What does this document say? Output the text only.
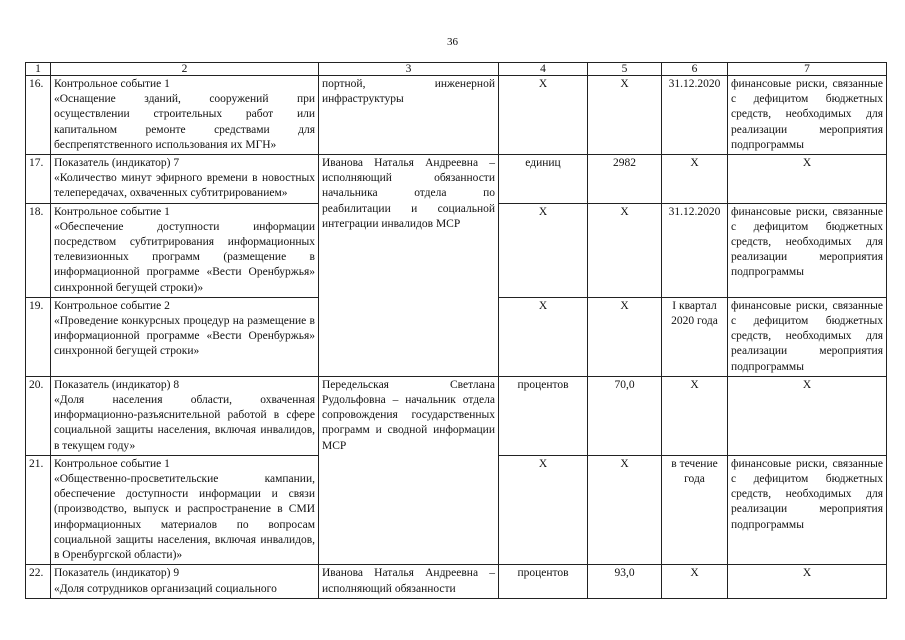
36
1	2	3	4	5	6	7
16.	Контрольное событие 1
«Оснащение зданий, сооружений при осуществлении строительных работ или капитальном ремонте средствами для беспрепятственного использования их МГН»	портной, инженерной инфраструктуры	Х	Х	31.12.2020	финансовые риски, связанные с дефицитом бюджетных средств, необходимых для реализации мероприятия подпрограммы
17.	Показатель (индикатор) 7
«Количество минут эфирного времени в новостных телепередачах, охваченных субтитрированием»	Иванова Наталья Андреевна – исполняющий обязанности начальника отдела по реабилитации и социальной интеграции инвалидов МСР	единиц	2982	Х	Х
18.	Контрольное событие 1
«Обеспечение доступности информации посредством субтитрирования информационных телевизионных программ (размещение в информационной программе «Вести Оренбуржья» синхронной бегущей строки)»		Х	Х	31.12.2020	финансовые риски, связанные с дефицитом бюджетных средств, необходимых для реализации мероприятия подпрограммы
19.	Контрольное событие 2
«Проведение конкурсных процедур на размещение в информационной программе «Вести Оренбуржья» синхронной бегущей строки»		Х	Х	I квартал 2020 года	финансовые риски, связанные с дефицитом бюджетных средств, необходимых для реализации мероприятия подпрограммы
20.	Показатель (индикатор) 8
«Доля населения области, охваченная информационно-разъяснительной работой в сфере социальной защиты населения, включая инвалидов, в текущем году»	Передельская Светлана Рудольфовна – начальник отдела сопровождения государственных программ и сводной информации МСР	процентов	70,0	Х	Х
21.	Контрольное событие 1
«Общественно-просветительские кампании, обеспечение доступности информации и связи (производство, выпуск и распространение в СМИ информационных материалов по вопросам социальной защиты населения, включая инвалидов, в Оренбургской области)»		Х	Х	в течение года	финансовые риски, связанные с дефицитом бюджетных средств, необходимых для реализации мероприятия подпрограммы
22.	Показатель (индикатор) 9
«Доля сотрудников организаций социального	Иванова Наталья Андреевна – исполняющий обязанности	процентов	93,0	Х	Х
